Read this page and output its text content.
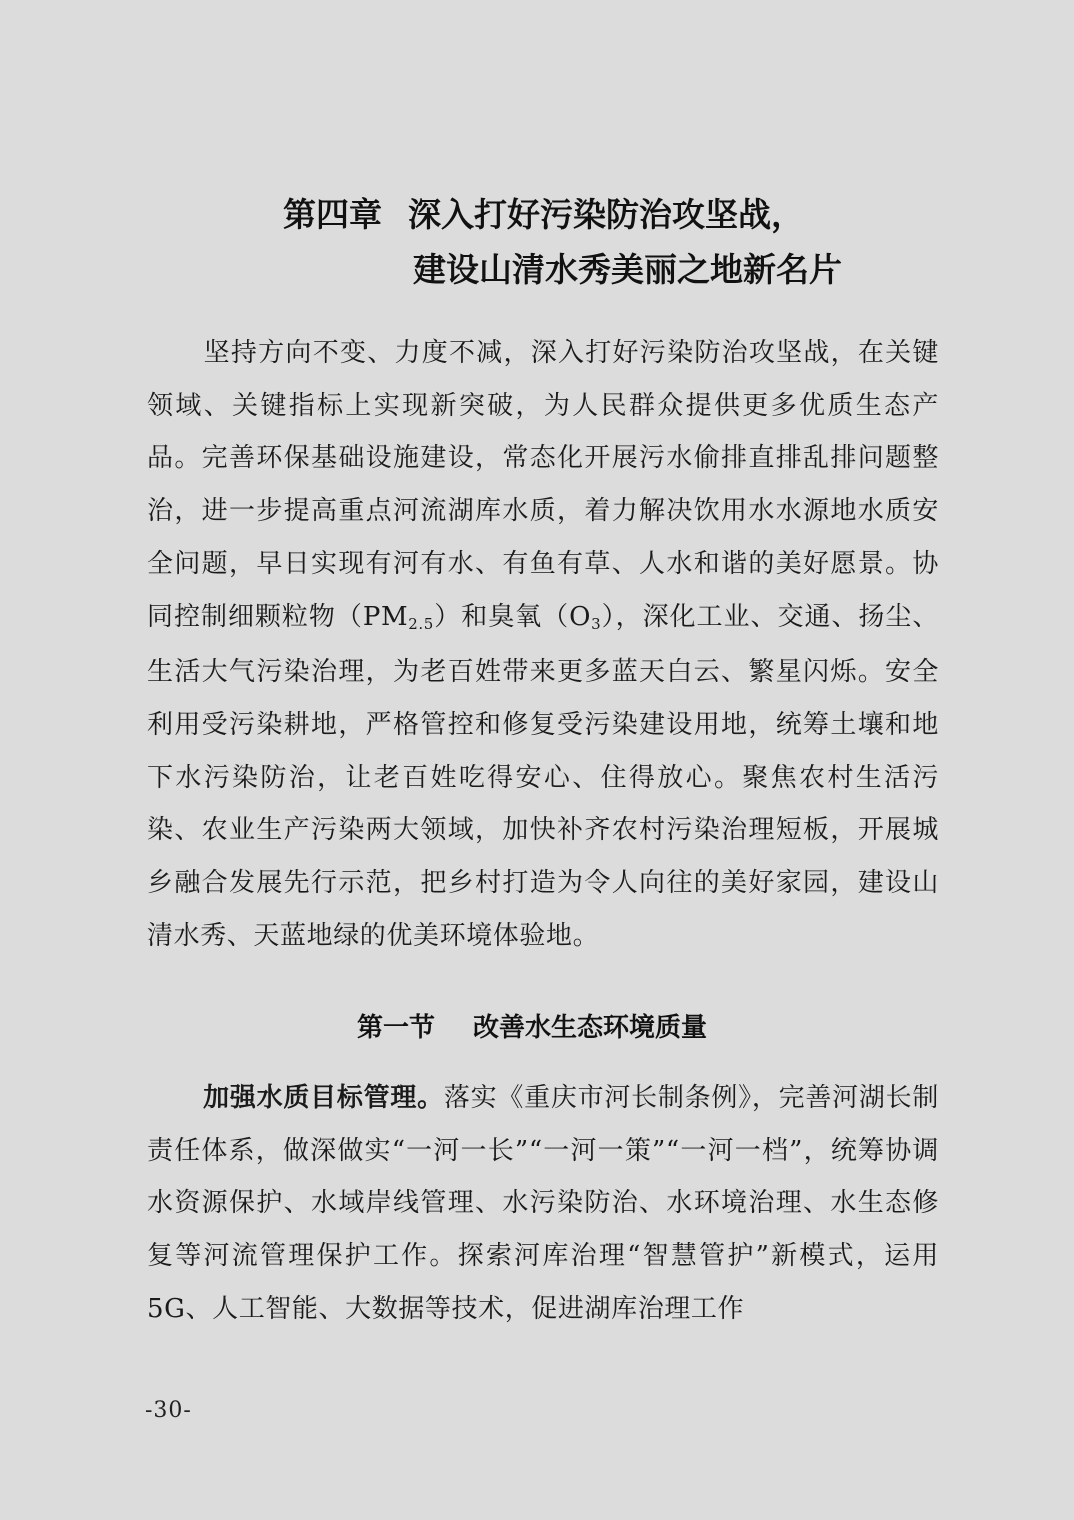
第四章 深入打好污染防治攻坚战，
建设山清水秀美丽之地新名片
坚持方向不变、力度不减，深入打好污染防治攻坚战，在关键领域、关键指标上实现新突破，为人民群众提供更多优质生态产品。完善环保基础设施建设，常态化开展污水偷排直排乱排问题整治，进一步提高重点河流湖库水质，着力解决饮用水水源地水质安全问题，早日实现有河有水、有鱼有草、人水和谐的美好愿景。协同控制细颗粒物$(PM_{2.5})$和臭氧$(O_3)$，深化工业、交通、扬尘、生活大气污染治理，为老百姓带来更多蓝天白云、繁星闪烁。安全利用受污染耕地，严格管控和修复受污染建设用地，统筹土壤和地下水污染防治，让老百姓吃得安心、住得放心。聚焦农村生活污染、农业生产污染两大领域，加快补齐农村污染治理短板，开展城乡融合发展先行示范，把乡村打造为令人向往的美好家园，建设山清水秀、天蓝地绿的优美环境体验地。
第一节 改善水生态环境质量
加强水质目标管理。落实《重庆市河长制条例》，完善河湖长制责任体系，做深做实“一河一长”“一河一策”“一河一档”，统筹协调水资源保护、水域岸线管理、水污染防治、水环境治理、水生态修复等河流管理保护工作。探索河库治理“智慧管护”新模式，运用5G、人工智能、大数据等技术，促进湖库治理工作
-30-
